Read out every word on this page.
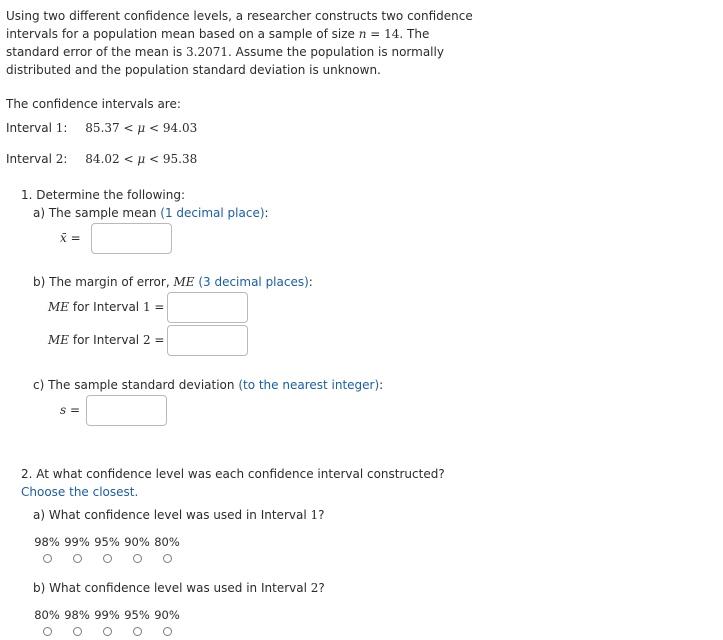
Using two different confidence levels, a researcher constructs two confidence intervals for a population mean based on a sample of size n = 14. The standard error of the mean is 3.2071. Assume the population is normally distributed and the population standard deviation is unknown.
The confidence intervals are:
Interval 1: 85.37 < μ < 94.03
Interval 2: 84.02 < μ < 95.38
1. Determine the following:
a) The sample mean (1 decimal place):
x̄ =
b) The margin of error, ME (3 decimal places):
ME for Interval 1 =
ME for Interval 2 =
c) The sample standard deviation (to the nearest integer):
s =
2. At what confidence level was each confidence interval constructed? Choose the closest.
a) What confidence level was used in Interval 1?
98% 99% 95% 90% 80%
b) What confidence level was used in Interval 2?
80% 98% 99% 95% 90%
